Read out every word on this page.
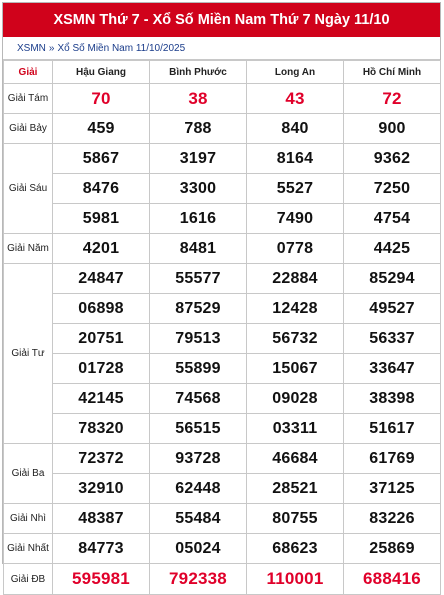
XSMN Thứ 7 - Xổ Số Miền Nam Thứ 7 Ngày 11/10
XSMN » Xổ Số Miền Nam 11/10/2025
Giải	Hậu Giang	Bình Phước	Long An	Hồ Chí Minh
Giải Tám	70	38	43	72
Giải Bảy	459	788	840	900
Giải Sáu	5867	3197	8164	9362
	8476	3300	5527	7250
	5981	1616	7490	4754
Giải Năm	4201	8481	0778	4425
Giải Tư	24847	55577	22884	85294
	06898	87529	12428	49527
	20751	79513	56732	56337
	01728	55899	15067	33647
	42145	74568	09028	38398
	78320	56515	03311	51617
Giải Ba	72372	93728	46684	61769
	32910	62448	28521	37125
Giải Nhì	48387	55484	80755	83226
Giải Nhất	84773	05024	68623	25869
Giải ĐB	595981	792338	110001	688416
